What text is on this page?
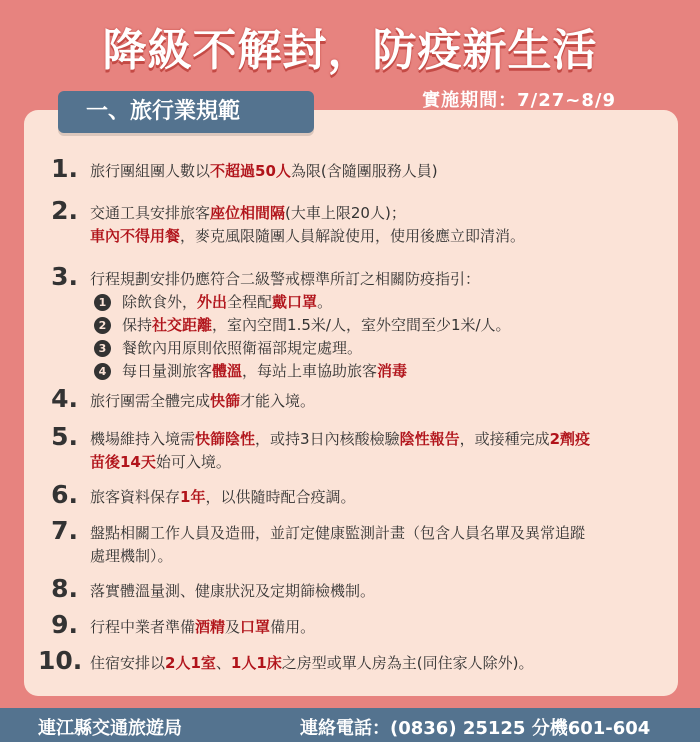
降級不解封，防疫新生活
一、旅行業規範	實施期間：7/27~8/9
1. 旅行團組團人數以不超過50人為限(含隨團服務人員)
2. 交通工具安排旅客座位相間隔(大車上限20人)；
車內不得用餐，麥克風限隨團人員解說使用，使用後應立即清消。
3. 行程規劃安排仍應符合二級警戒標準所訂之相關防疫指引：
1	除飲食外，外出全程配戴口罩。
2	保持社交距離，室內空間1.5米/人，室外空間至少1米/人。
3	餐飲內用原則依照衛福部規定處理。
4	每日量測旅客體溫，每站上車協助旅客消毒
4. 旅行團需全體完成快篩才能入境。
5. 機場維持入境需快篩陰性，或持3日內核酸檢驗陰性報告，或接種完成2劑疫
苗後14天始可入境。
6. 旅客資料保存1年，以供隨時配合疫調。
7. 盤點相關工作人員及造冊，並訂定健康監測計畫（包含人員名單及異常追蹤
處理機制）。
8. 落實體溫量測、健康狀況及定期篩檢機制。
9. 行程中業者準備酒精及口罩備用。
10. 住宿安排以2人1室、1人1床之房型或單人房為主(同住家人除外)。
連江縣交通旅遊局	連絡電話：(0836) 25125 分機601-604
